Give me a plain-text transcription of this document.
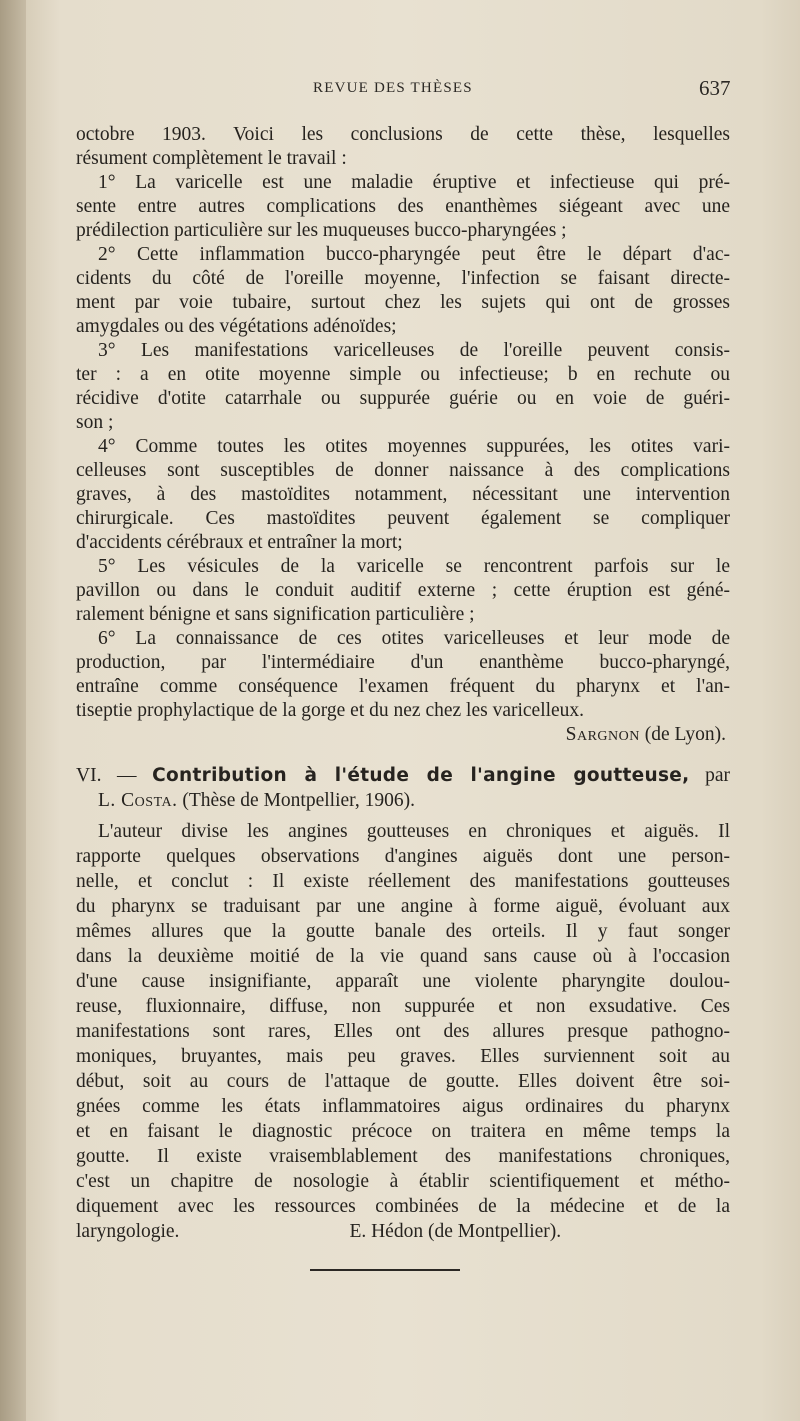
REVUE DES THÈSES	637
octobre 1903. Voici les conclusions de cette thèse, lesquelles
résument complètement le travail :
1° La varicelle est une maladie éruptive et infectieuse qui pré-
sente entre autres complications des enanthèmes siégeant avec une
prédilection particulière sur les muqueuses bucco-pharyngées ;
2° Cette inflammation bucco-pharyngée peut être le départ d'ac-
cidents du côté de l'oreille moyenne, l'infection se faisant directe-
ment par voie tubaire, surtout chez les sujets qui ont de grosses
amygdales ou des végétations adénoïdes;
3° Les manifestations varicelleuses de l'oreille peuvent consis-
ter : a en otite moyenne simple ou infectieuse; b en rechute ou
récidive d'otite catarrhale ou suppurée guérie ou en voie de guéri-
son ;
4° Comme toutes les otites moyennes suppurées, les otites vari-
celleuses sont susceptibles de donner naissance à des complications
graves, à des mastoïdites notamment, nécessitant une intervention
chirurgicale. Ces mastoïdites peuvent également se compliquer
d'accidents cérébraux et entraîner la mort;
5° Les vésicules de la varicelle se rencontrent parfois sur le
pavillon ou dans le conduit auditif externe ; cette éruption est géné-
ralement bénigne et sans signification particulière ;
6° La connaissance de ces otites varicelleuses et leur mode de
production, par l'intermédiaire d'un enanthème bucco-pharyngé,
entraîne comme conséquence l'examen fréquent du pharynx et l'an-
tiseptie prophylactique de la gorge et du nez chez les varicelleux.
Sargnon (de Lyon).
VI. — Contribution à l'étude de l'angine goutteuse, par
L. Costa. (Thèse de Montpellier, 1906).
L'auteur divise les angines goutteuses en chroniques et aiguës. Il
rapporte quelques observations d'angines aiguës dont une person-
nelle, et conclut : Il existe réellement des manifestations goutteuses
du pharynx se traduisant par une angine à forme aiguë, évoluant aux
mêmes allures que la goutte banale des orteils. Il y faut songer
dans la deuxième moitié de la vie quand sans cause où à l'occasion
d'une cause insignifiante, apparaît une violente pharyngite doulou-
reuse, fluxionnaire, diffuse, non suppurée et non exsudative. Ces
manifestations sont rares, Elles ont des allures presque pathogno-
moniques, bruyantes, mais peu graves. Elles surviennent soit au
début, soit au cours de l'attaque de goutte. Elles doivent être soi-
gnées comme les états inflammatoires aigus ordinaires du pharynx
et en faisant le diagnostic précoce on traitera en même temps la
goutte. Il existe vraisemblablement des manifestations chroniques,
c'est un chapitre de nosologie à établir scientifiquement et métho-
diquement avec les ressources combinées de la médecine et de la
laryngologie.	E. Hédon (de Montpellier).
